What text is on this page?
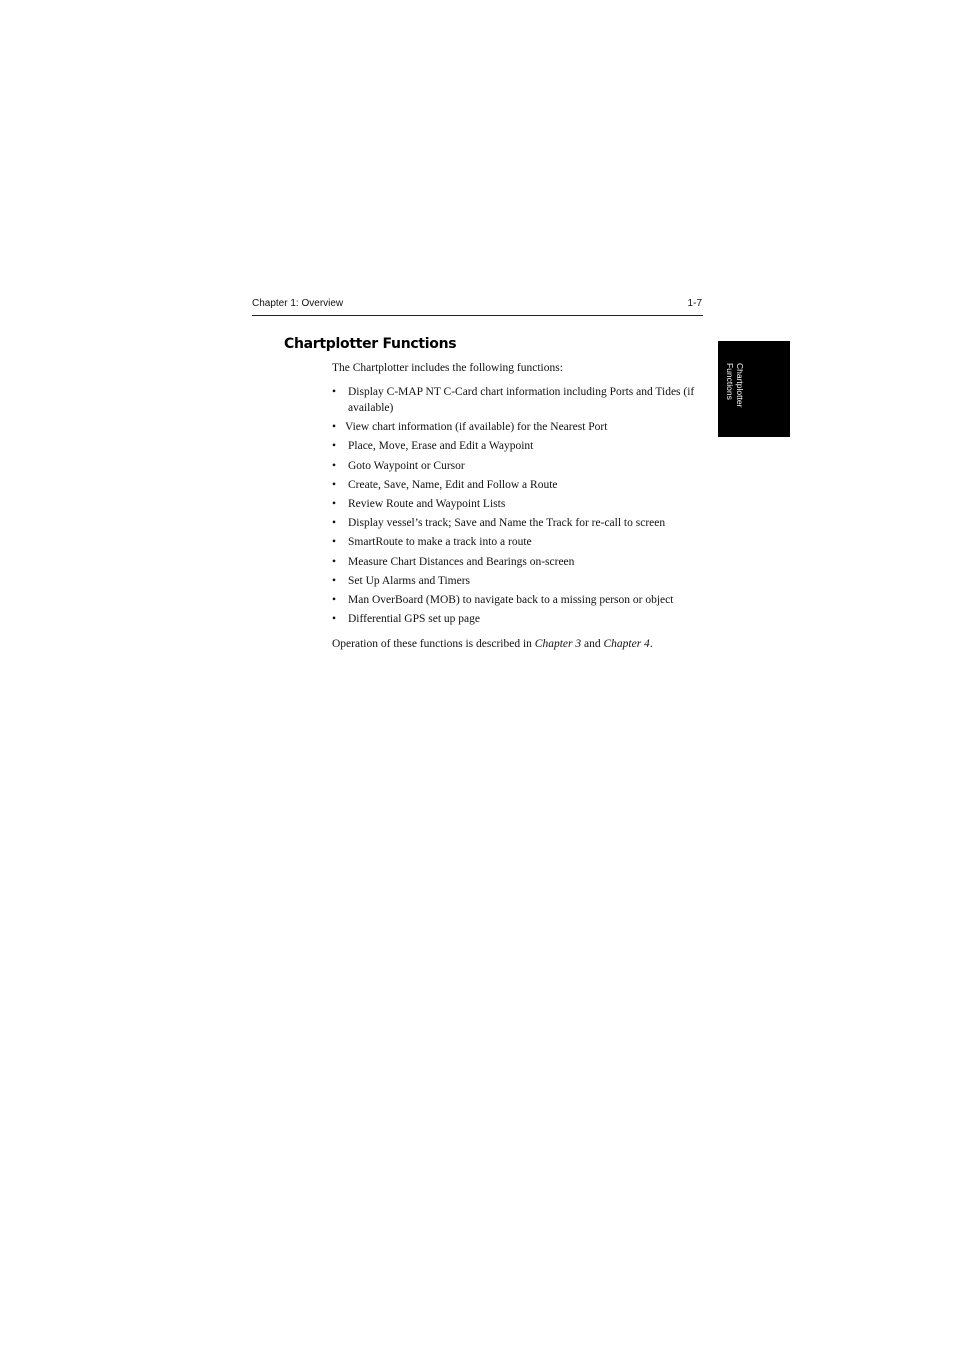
Chapter 1: Overview	1-7
Chartplotter
Functions
Chartplotter Functions

The Chartplotter includes the following functions:

• Display C-MAP NT C-Card chart information including Ports and Tides (if available)
• View chart information (if available) for the Nearest Port
• Place, Move, Erase and Edit a Waypoint
• Goto Waypoint or Cursor
• Create, Save, Name, Edit and Follow a Route
• Review Route and Waypoint Lists
• Display vessel’s track; Save and Name the Track for re-call to screen
• SmartRoute to make a track into a route
• Measure Chart Distances and Bearings on-screen
• Set Up Alarms and Timers
• Man OverBoard (MOB) to navigate back to a missing person or object
• Differential GPS set up page

Operation of these functions is described in Chapter 3 and Chapter 4.
